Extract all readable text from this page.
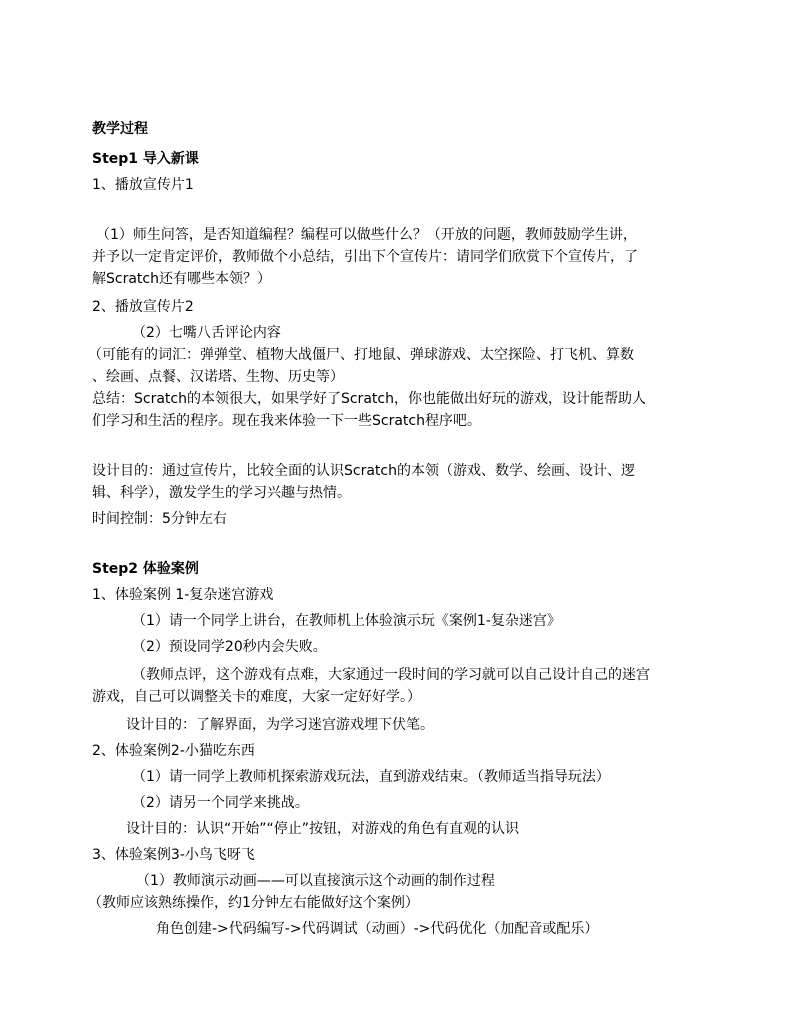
教学过程
Step1 导入新课
1、播放宣传片1
（1）师生问答，是否知道编程？编程可以做些什么？（开放的问题，教师鼓励学生讲，
并予以一定肯定评价，教师做个小总结，引出下个宣传片：请同学们欣赏下个宣传片，了
解Scratch还有哪些本领？）
2、播放宣传片2
（2）七嘴八舌评论内容
（可能有的词汇：弹弹堂、植物大战僵尸、打地鼠、弹球游戏、太空探险、打飞机、算数
、绘画、点餐、汉诺塔、生物、历史等）
总结：Scratch的本领很大，如果学好了Scratch，你也能做出好玩的游戏，设计能帮助人
们学习和生活的程序。现在我来体验一下一些Scratch程序吧。
设计目的：通过宣传片，比较全面的认识Scratch的本领（游戏、数学、绘画、设计、逻
辑、科学），激发学生的学习兴趣与热情。
时间控制：5分钟左右
Step2 体验案例
1、体验案例 1-复杂迷宫游戏
（1）请一个同学上讲台，在教师机上体验演示玩《案例1-复杂迷宫》
（2）预设同学20秒内会失败。
（教师点评，这个游戏有点难，大家通过一段时间的学习就可以自己设计自己的迷宫
游戏，自己可以调整关卡的难度，大家一定好好学。）
设计目的：了解界面，为学习迷宫游戏埋下伏笔。
2、体验案例2-小猫吃东西
（1）请一同学上教师机探索游戏玩法，直到游戏结束。（教师适当指导玩法）
（2）请另一个同学来挑战。
设计目的：认识“开始”“停止”按钮，对游戏的角色有直观的认识
3、体验案例3-小鸟飞呀飞
（1）教师演示动画——可以直接演示这个动画的制作过程
（教师应该熟练操作，约1分钟左右能做好这个案例）
角色创建->代码编写->代码调试（动画）->代码优化（加配音或配乐）
